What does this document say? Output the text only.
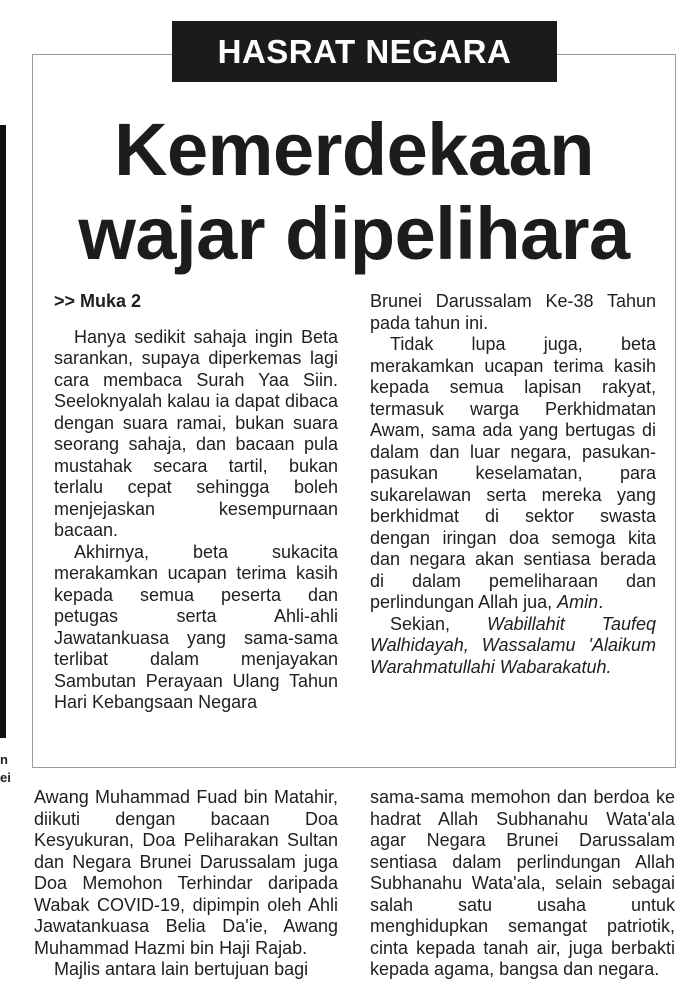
n
ei
HASRAT NEGARA
Kemerdekaan
wajar dipelihara

>> Muka 2

Hanya sedikit sahaja ingin Beta sarankan, supaya diperkemas lagi cara membaca Surah Yaa Siin. Seeloknyalah kalau ia dapat dibaca dengan suara ramai, bukan suara seorang sahaja, dan bacaan pula mustahak secara tartil, bukan terlalu cepat sehingga boleh menjejaskan kesempurnaan bacaan.

Akhirnya, beta sukacita merakamkan ucapan terima kasih kepada semua peserta dan petugas serta Ahli-ahli Jawatankuasa yang sama-sama terlibat dalam menjayakan Sambutan Perayaan Ulang Tahun Hari Kebangsaan Negara

Brunei Darussalam Ke-38 Tahun pada tahun ini.

Tidak lupa juga, beta merakamkan ucapan terima kasih kepada semua lapisan rakyat, termasuk warga Perkhidmatan Awam, sama ada yang bertugas di dalam dan luar negara, pasukan-pasukan keselamatan, para sukarelawan serta mereka yang berkhidmat di sektor swasta dengan iringan doa semoga kita dan negara akan sentiasa berada di dalam pemeliharaan dan perlindungan Allah jua, Amin.

Sekian, Wabillahit Taufeq Walhidayah, Wassalamu 'Alaikum Warahmatullahi Wabarakatuh.

Awang Muhammad Fuad bin Matahir, diikuti dengan bacaan Doa Kesyukuran, Doa Peliharakan Sultan dan Negara Brunei Darussalam juga Doa Memohon Terhindar daripada Wabak COVID-19, dipimpin oleh Ahli Jawatankuasa Belia Da'ie, Awang Muhammad Hazmi bin Haji Rajab.

Majlis antara lain bertujuan bagi

sama-sama memohon dan berdoa ke hadrat Allah Subhanahu Wata'ala agar Negara Brunei Darussalam sentiasa dalam perlindungan Allah Subhanahu Wata'ala, selain sebagai salah satu usaha untuk menghidupkan semangat patriotik, cinta kepada tanah air, juga berbakti kepada agama, bangsa dan negara.
